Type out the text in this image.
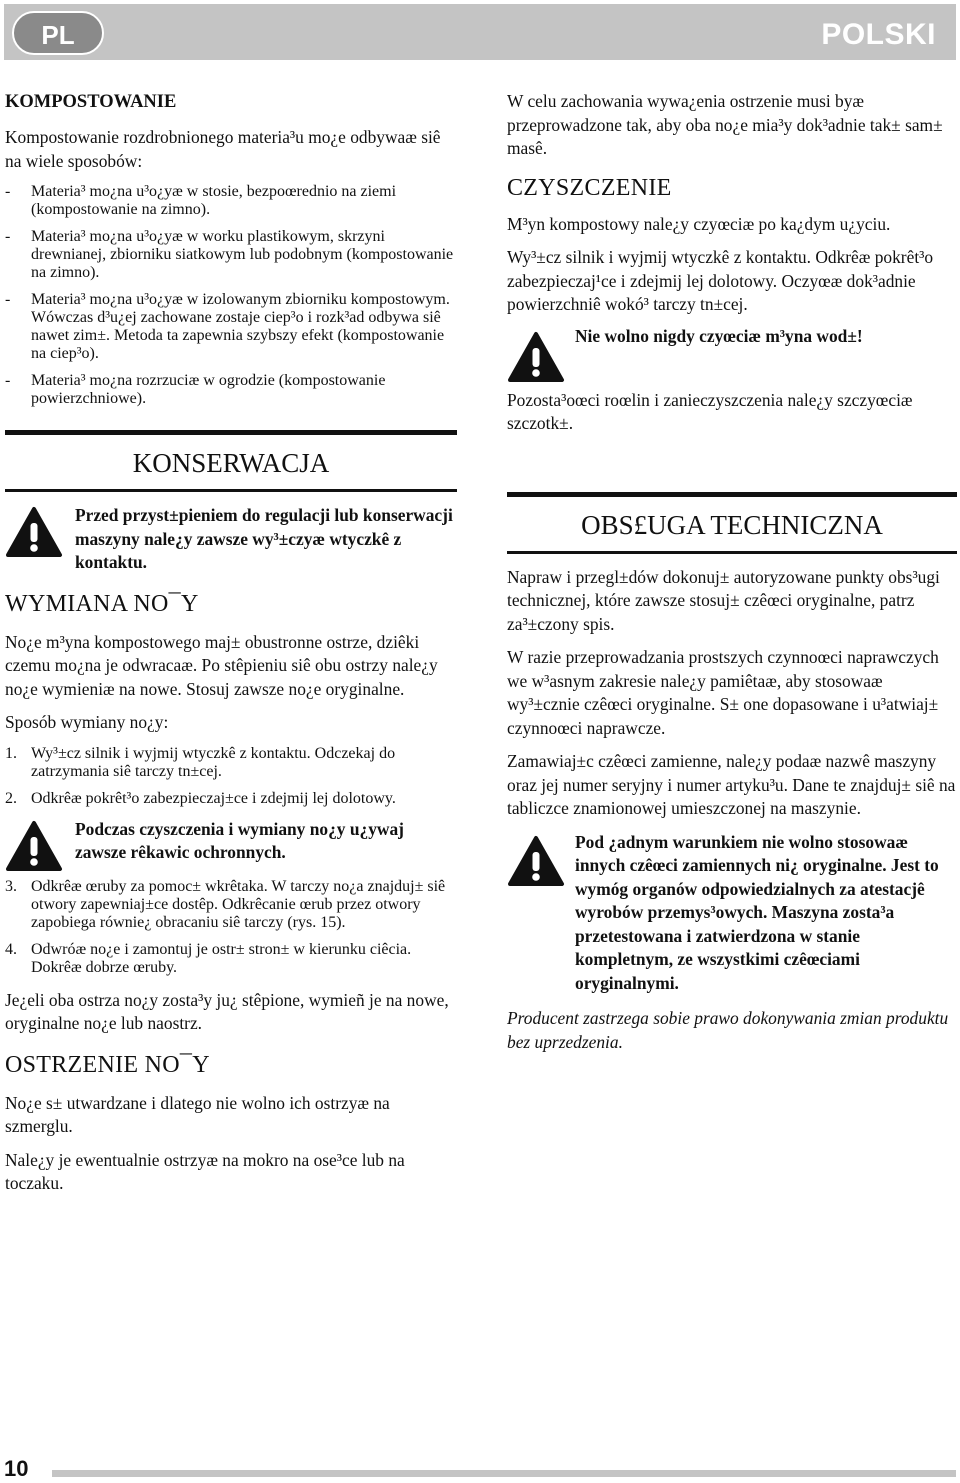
PL	POLSKI
KOMPOSTOWANIE

Kompostowanie rozdrobnionego materia³u mo¿e odbywaæ siê na wiele sposobów:

-	Materia³ mo¿na u³o¿yæ w stosie, bezpoœrednio na ziemi (kompostowanie na zimno).
-	Materia³ mo¿na u³o¿yæ w worku plastikowym, skrzyni drewnianej, zbiorniku siatkowym lub podobnym (kompostowanie na zimno).
-	Materia³ mo¿na u³o¿yæ w izolowanym zbiorniku kompostowym. Wówczas d³u¿ej zachowane zostaje ciep³o i rozk³ad odbywa siê nawet zim±. Metoda ta zapewnia szybszy efekt (kompostowanie na ciep³o).
-	Materia³ mo¿na rozrzuciæ w ogrodzie (kompostowanie powierzchniowe).
KONSERWACJA
Przed przyst±pieniem do regulacji lub konserwacji maszyny nale¿y zawsze wy³±czyæ wtyczkê z kontaktu.
WYMIANA NO¯Y

No¿e m³yna kompostowego maj± obustronne ostrze, dziêki czemu mo¿na je odwracaæ. Po stêpieniu siê obu ostrzy nale¿y no¿e wymieniæ na nowe. Stosuj zawsze no¿e oryginalne.

Sposób wymiany no¿y:

1. Wy³±cz silnik i wyjmij wtyczkê z kontaktu. Odczekaj do zatrzymania siê tarczy tn±cej.
2. Odkrêæ pokrêt³o zabezpieczaj±ce i zdejmij lej dolotowy.
Podczas czyszczenia i wymiany no¿y u¿ywaj zawsze rêkawic ochronnych.
3. Odkrêæ œruby za pomoc± wkrêtaka. W tarczy no¿a znajduj± siê otwory zapewniaj±ce dostêp. Odkrêcanie œrub przez otwory zapobiega równie¿ obracaniu siê tarczy (rys. 15).
4. Odwróæ no¿e i zamontuj je ostr± stron± w kierunku ciêcia. Dokrêæ dobrze œruby.

Je¿eli oba ostrza no¿y zosta³y ju¿ stêpione, wymieñ je na nowe, oryginalne no¿e lub naostrz.

OSTRZENIE NO¯Y

No¿e s± utwardzane i dlatego nie wolno ich ostrzyæ na szmerglu.

Nale¿y je ewentualnie ostrzyæ na mokro na ose³ce lub na toczaku.

W celu zachowania wywa¿enia ostrzenie musi byæ przeprowadzone tak, aby oba no¿e mia³y dok³adnie tak± sam± masê.

CZYSZCZENIE

M³yn kompostowy nale¿y czyœciæ po ka¿dym u¿yciu.

Wy³±cz silnik i wyjmij wtyczkê z kontaktu. Odkrêæ pokrêt³o zabezpieczaj¹ce i zdejmij lej dolotowy. Oczyœæ dok³adnie powierzchniê wokó³ tarczy tn±cej.

Nie wolno nigdy czyœciæ m³yna wod±!

Pozosta³oœci roœlin i zanieczyszczenia nale¿y szczyœciæ szczotk±.

OBS£UGA TECHNICZNA

Napraw i przegl±dów dokonuj± autoryzowane punkty obs³ugi technicznej, które zawsze stosuj± czêœci oryginalne, patrz za³±czony spis.

W razie przeprowadzania prostszych czynnoœci naprawczych we w³asnym zakresie nale¿y pamiêtaæ, aby stosowaæ wy³±cznie czêœci oryginalne. S± one dopasowane i u³atwiaj± czynnoœci naprawcze.

Zamawiaj±c czêœci zamienne, nale¿y podaæ nazwê maszyny oraz jej numer seryjny i numer artyku³u. Dane te znajduj± siê na tabliczce znamionowej umieszczonej na maszynie.

Pod ¿adnym warunkiem nie wolno stosowaæ innych czêœci zamiennych ni¿ oryginalne. Jest to wymóg organów odpowiedzialnych za atestacjê wyrobów przemys³owych. Maszyna zosta³a przetestowana i zatwierdzona w stanie kompletnym, ze wszystkimi czêœciami oryginalnymi.

Producent zastrzega sobie prawo dokonywania zmian produktu bez uprzedzenia.

10
